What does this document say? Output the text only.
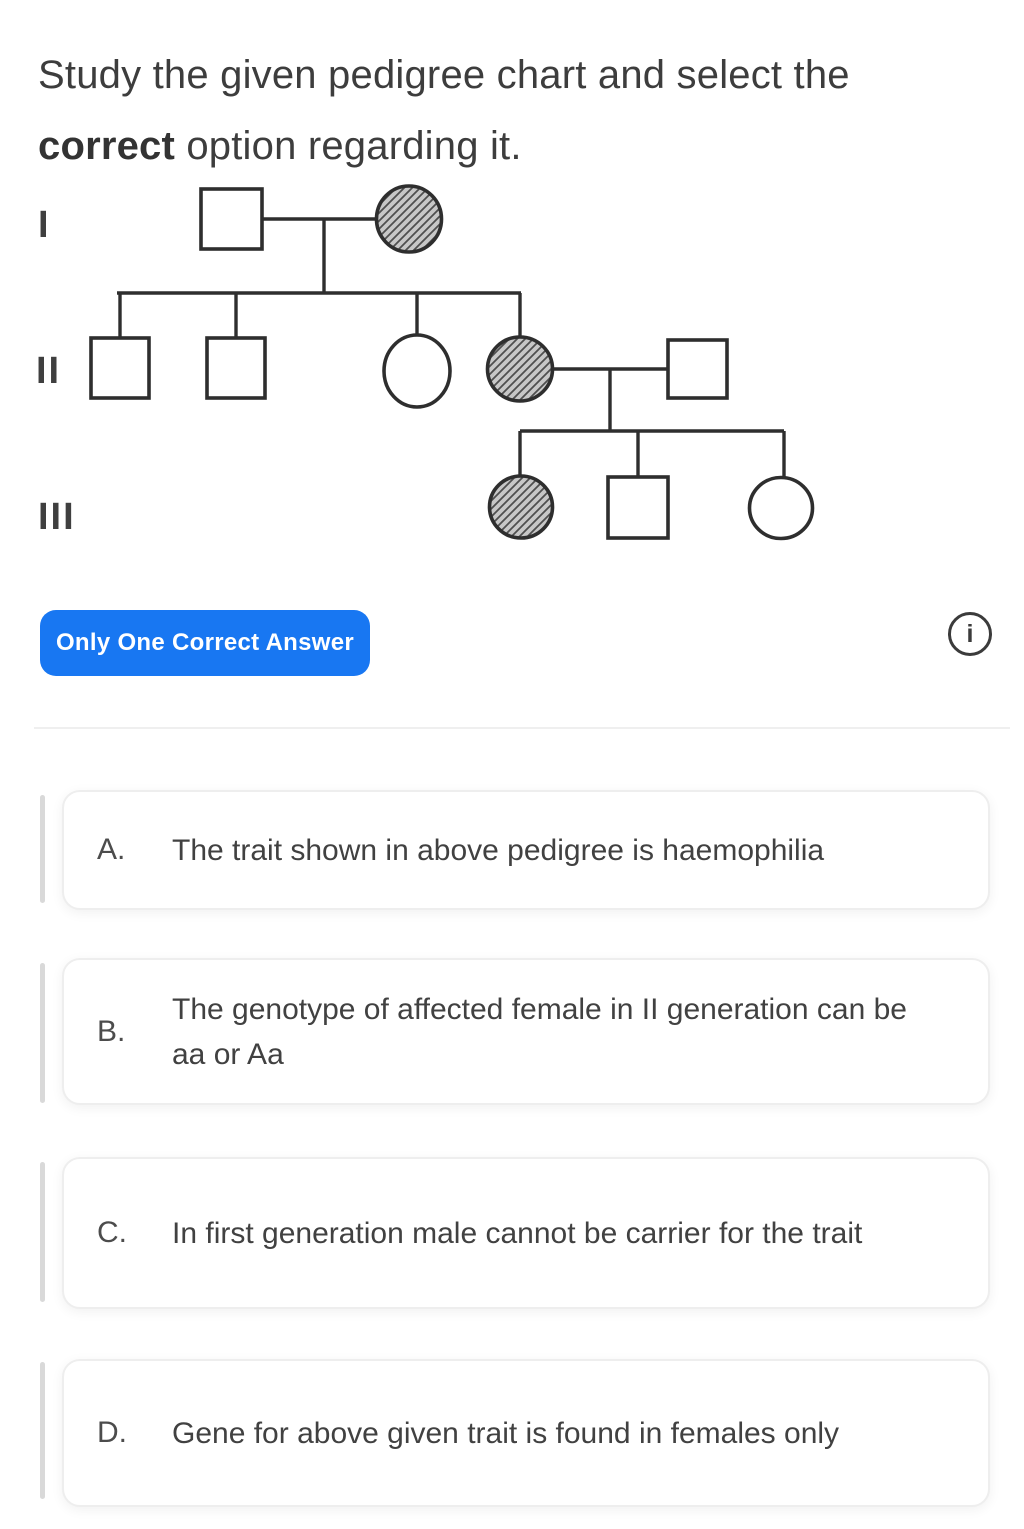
Study the given pedigree chart and select the correct option regarding it.
I
II
III
Only One Correct Answer	i
A.	The trait shown in above pedigree is haemophilia
B.
The genotype of affected female in II generation can be aa or Aa
C.	In first generation male cannot be carrier for the trait
D.	Gene for above given trait is found in females only
